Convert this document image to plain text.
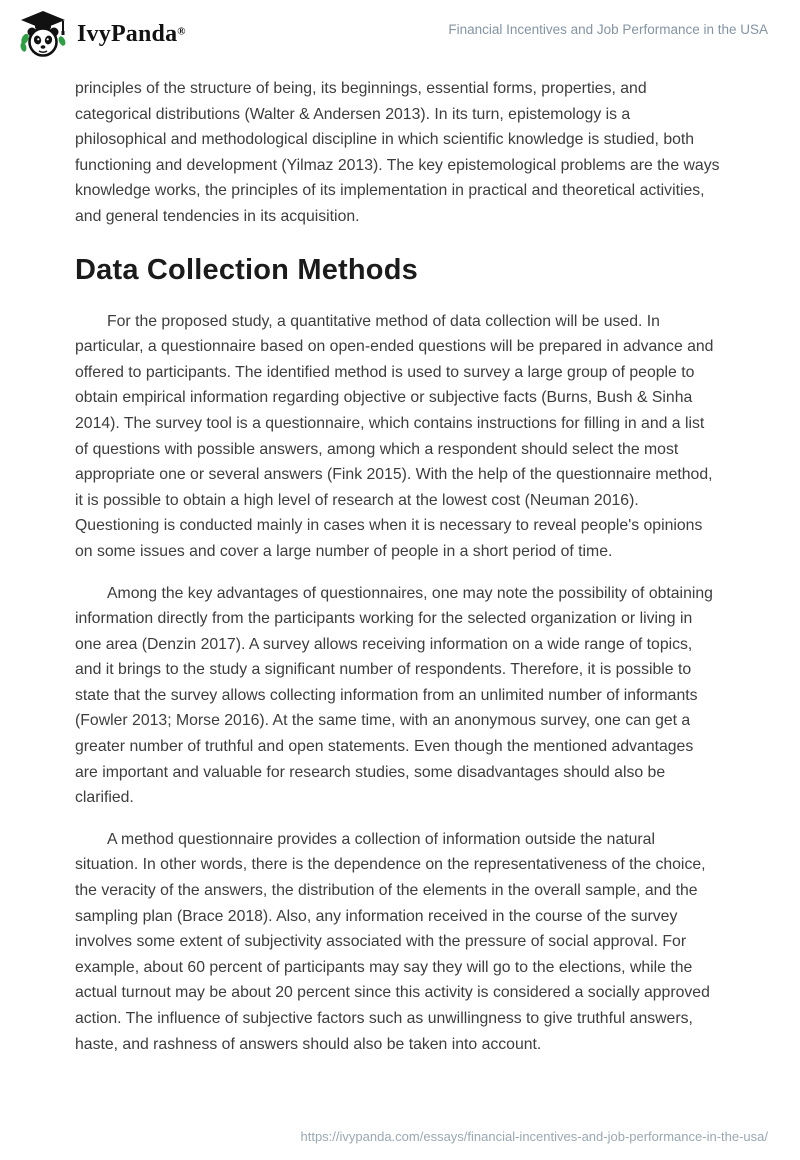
IvyPanda®	Financial Incentives and Job Performance in the USA

principles of the structure of being, its beginnings, essential forms, properties, and categorical distributions (Walter & Andersen 2013). In its turn, epistemology is a philosophical and methodological discipline in which scientific knowledge is studied, both functioning and development (Yilmaz 2013). The key epistemological problems are the ways knowledge works, the principles of its implementation in practical and theoretical activities, and general tendencies in its acquisition.

Data Collection Methods

For the proposed study, a quantitative method of data collection will be used. In particular, a questionnaire based on open-ended questions will be prepared in advance and offered to participants. The identified method is used to survey a large group of people to obtain empirical information regarding objective or subjective facts (Burns, Bush & Sinha 2014). The survey tool is a questionnaire, which contains instructions for filling in and a list of questions with possible answers, among which a respondent should select the most appropriate one or several answers (Fink 2015). With the help of the questionnaire method, it is possible to obtain a high level of research at the lowest cost (Neuman 2016). Questioning is conducted mainly in cases when it is necessary to reveal people's opinions on some issues and cover a large number of people in a short period of time.

Among the key advantages of questionnaires, one may note the possibility of obtaining information directly from the participants working for the selected organization or living in one area (Denzin 2017). A survey allows receiving information on a wide range of topics, and it brings to the study a significant number of respondents. Therefore, it is possible to state that the survey allows collecting information from an unlimited number of informants (Fowler 2013; Morse 2016). At the same time, with an anonymous survey, one can get a greater number of truthful and open statements. Even though the mentioned advantages are important and valuable for research studies, some disadvantages should also be clarified.

A method questionnaire provides a collection of information outside the natural situation. In other words, there is the dependence on the representativeness of the choice, the veracity of the answers, the distribution of the elements in the overall sample, and the sampling plan (Brace 2018). Also, any information received in the course of the survey involves some extent of subjectivity associated with the pressure of social approval. For example, about 60 percent of participants may say they will go to the elections, while the actual turnout may be about 20 percent since this activity is considered a socially approved action. The influence of subjective factors such as unwillingness to give truthful answers, haste, and rashness of answers should also be taken into account.

https://ivypanda.com/essays/financial-incentives-and-job-performance-in-the-usa/
